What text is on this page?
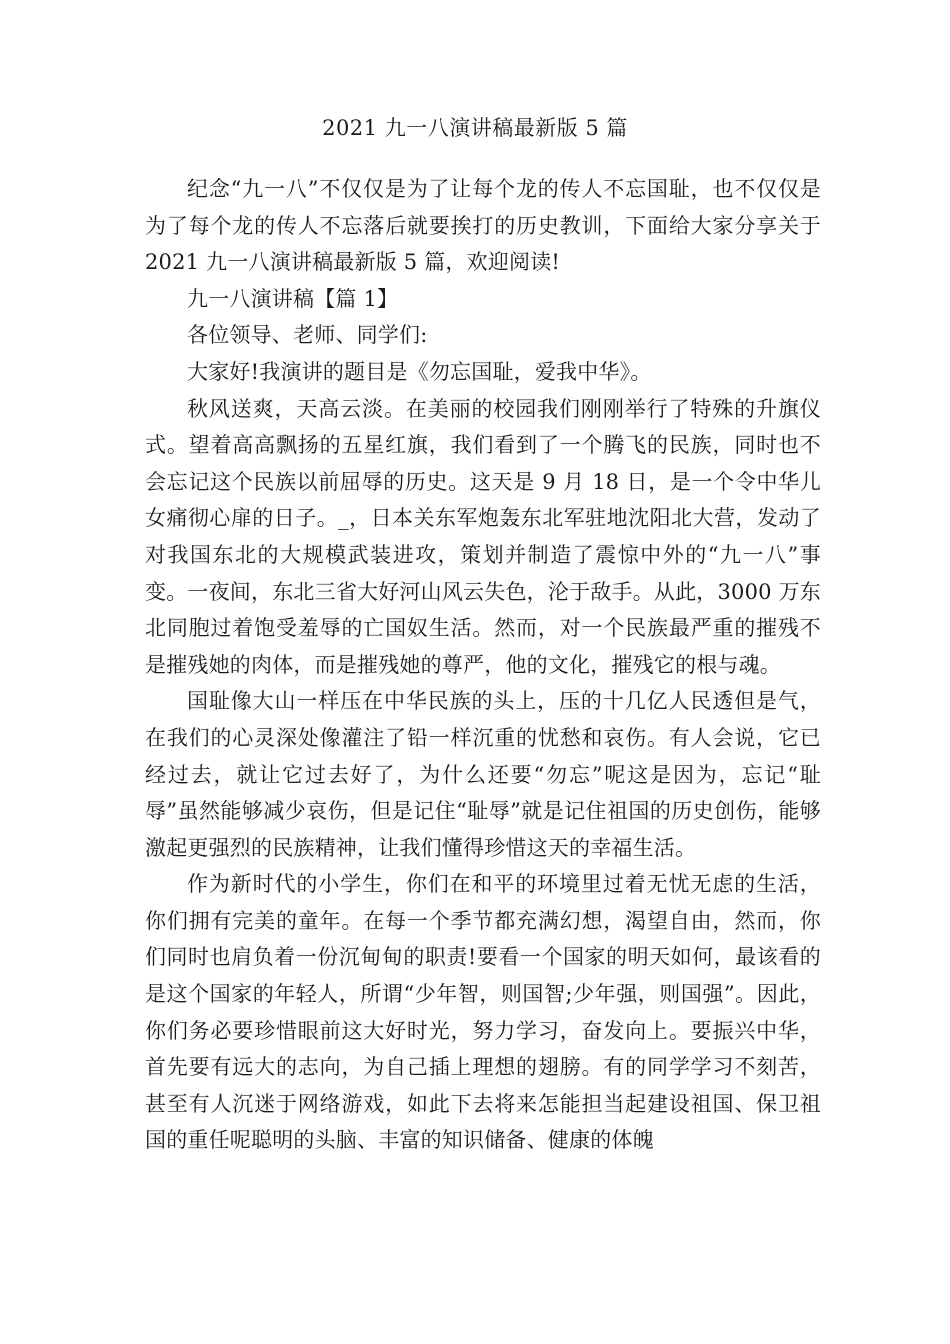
2021 九一八演讲稿最新版 5 篇

纪念“九一八”不仅仅是为了让每个龙的传人不忘国耻，也不仅仅是为了每个龙的传人不忘落后就要挨打的历史教训，下面给大家分享关于 2021 九一八演讲稿最新版 5 篇，欢迎阅读!

九一八演讲稿【篇 1】

各位领导、老师、同学们:

大家好!我演讲的题目是《勿忘国耻，爱我中华》。

秋风送爽，天高云淡。在美丽的校园我们刚刚举行了特殊的升旗仪式。望着高高飘扬的五星红旗，我们看到了一个腾飞的民族，同时也不会忘记这个民族以前屈辱的历史。这天是 9 月 18 日，是一个令中华儿女痛彻心扉的日子。_，日本关东军炮轰东北军驻地沈阳北大营，发动了对我国东北的大规模武装进攻，策划并制造了震惊中外的“九一八”事变。一夜间，东北三省大好河山风云失色，沦于敌手。从此，3000 万东北同胞过着饱受羞辱的亡国奴生活。然而，对一个民族最严重的摧残不是摧残她的肉体，而是摧残她的尊严，他的文化，摧残它的根与魂。

国耻像大山一样压在中华民族的头上，压的十几亿人民透但是气，在我们的心灵深处像灌注了铅一样沉重的忧愁和哀伤。有人会说，它已经过去，就让它过去好了，为什么还要“勿忘”呢这是因为，忘记“耻辱”虽然能够减少哀伤，但是记住“耻辱”就是记住祖国的历史创伤，能够激起更强烈的民族精神，让我们懂得珍惜这天的幸福生活。

作为新时代的小学生，你们在和平的环境里过着无忧无虑的生活，你们拥有完美的童年。在每一个季节都充满幻想，渴望自由，然而，你们同时也肩负着一份沉甸甸的职责!要看一个国家的明天如何，最该看的是这个国家的年轻人，所谓“少年智，则国智;少年强，则国强”。因此，你们务必要珍惜眼前这大好时光，努力学习，奋发向上。要振兴中华，首先要有远大的志向，为自己插上理想的翅膀。有的同学学习不刻苦，甚至有人沉迷于网络游戏，如此下去将来怎能担当起建设祖国、保卫祖国的重任呢聪明的头脑、丰富的知识储备、健康的体魄
